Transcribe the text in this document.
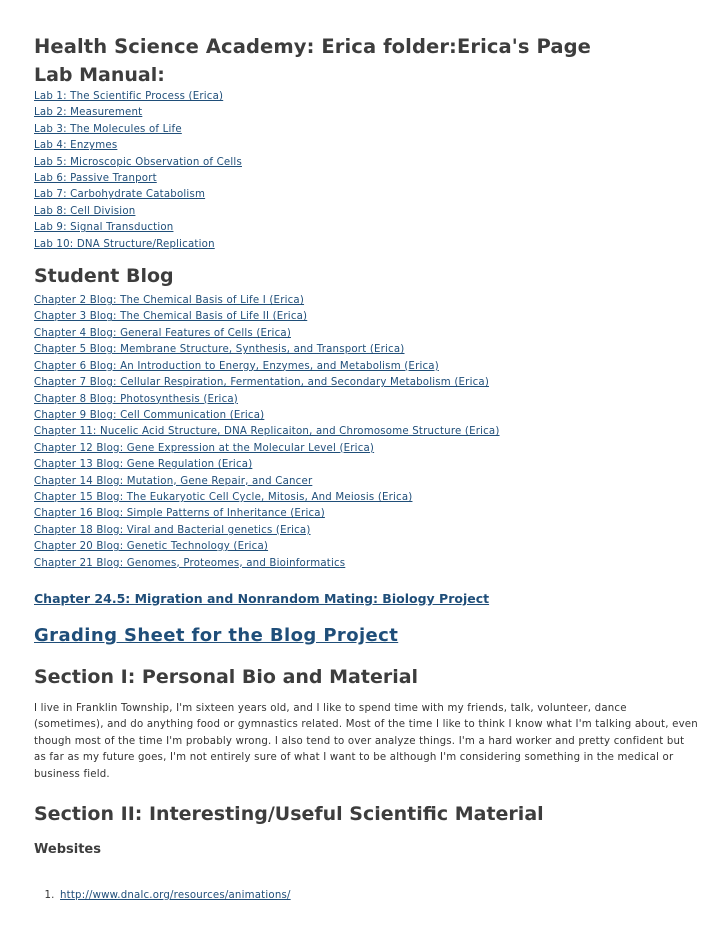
Health Science Academy: Erica folder:Erica's Page
Lab Manual:
Lab 1: The Scientific Process (Erica)
Lab 2: Measurement
Lab 3: The Molecules of Life
Lab 4: Enzymes
Lab 5: Microscopic Observation of Cells
Lab 6: Passive Tranport
Lab 7: Carbohydrate Catabolism
Lab 8: Cell Division
Lab 9: Signal Transduction
Lab 10: DNA Structure/Replication
Student Blog
Chapter 2 Blog: The Chemical Basis of Life I (Erica)
Chapter 3 Blog: The Chemical Basis of Life II (Erica)
Chapter 4 Blog: General Features of Cells (Erica)
Chapter 5 Blog: Membrane Structure, Synthesis, and Transport (Erica)
Chapter 6 Blog: An Introduction to Energy, Enzymes, and Metabolism (Erica)
Chapter 7 Blog: Cellular Respiration, Fermentation, and Secondary Metabolism (Erica)
Chapter 8 Blog: Photosynthesis (Erica)
Chapter 9 Blog: Cell Communication (Erica)
Chapter 11: Nucelic Acid Structure, DNA Replicaiton, and Chromosome Structure (Erica)
Chapter 12 Blog: Gene Expression at the Molecular Level (Erica)
Chapter 13 Blog: Gene Regulation (Erica)
Chapter 14 Blog: Mutation, Gene Repair, and Cancer
Chapter 15 Blog: The Eukaryotic Cell Cycle, Mitosis, And Meiosis (Erica)
Chapter 16 Blog: Simple Patterns of Inheritance (Erica)
Chapter 18 Blog: Viral and Bacterial genetics (Erica)
Chapter 20 Blog: Genetic Technology (Erica)
Chapter 21 Blog: Genomes, Proteomes, and Bioinformatics
Chapter 24.5: Migration and Nonrandom Mating: Biology Project
Grading Sheet for the Blog Project
Section I: Personal Bio and Material

I live in Franklin Township, I'm sixteen years old, and I like to spend time with my friends, talk, volunteer, dance (sometimes), and do anything food or gymnastics related. Most of the time I like to think I know what I'm talking about, even though most of the time I'm probably wrong. I also tend to over analyze things. I'm a hard worker and pretty confident but as far as my future goes, I'm not entirely sure of what I want to be although I'm considering something in the medical or business field.

Section II: Interesting/Useful Scientific Material
Websites
1. http://www.dnalc.org/resources/animations/
